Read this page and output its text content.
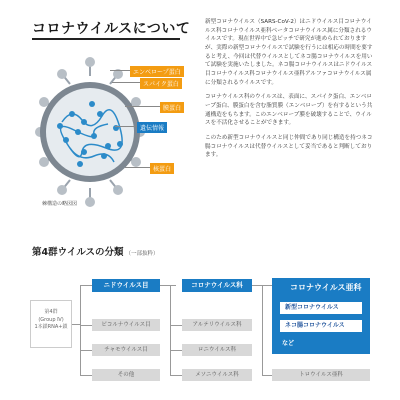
コロナウイルスについて
エンベロープ蛋白
スパイク蛋白
膜蛋白
遺伝情報
核蛋白
棘構造の略図図

新型コロナウイルス（SARS-CoV-2）はニドウイルス目コロナウイルス科コロナウイルス亜科ベータコロナウイルス属に分類されるウイルスです。現在世界中で急ピッチで研究が進められておりますが、実際の新型コロナウイルスで試験を行うには相応の時間を要すると考え、今回は代替ウイルスとしてネコ腸コロナウイルスを用いて試験を実施いたしました。ネコ腸コロナウイルスはニドウイルス目コロナウイルス科コロナウイルス亜科アルファコロナウイルス属に分類されるウイルスです。

コロナウイルス科のウイルスは、表面に、スパイク蛋白、エンベロープ蛋白、膜蛋白を含む脂質膜（エンベロープ）を有するという共通構造をもちます。このエンベロープ膜を破壊することで、ウイルスを不活化させることができます。

このため新型コロナウイルスと同じ仲間であり同じ構造を持つネコ腸コロナウイルスは代替ウイルスとして妥当であると判断しております。

第4群ウイルスの分類 （一部抜粋）
第4群
(Group Ⅳ)
1本鎖RNA+鎖
ニドウイルス目
ピコルナウイルス目
チャモウイルス目
その他
コロナウイルス科
アルテリウイルス科
ロニウイルス科
メソニウイルス科
コロナウイルス亜科
新型コロナウイルス
ネコ腸コロナウイルス
など
トロウイルス亜科
